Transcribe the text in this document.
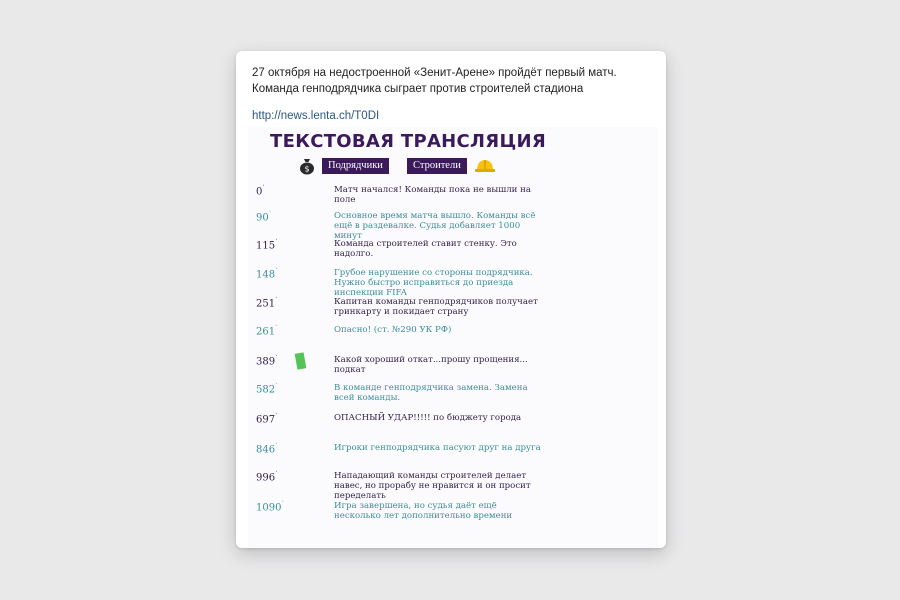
27 октября на недостроенной «Зенит-Арене» пройдёт первый матч. Команда генподрядчика сыграет против строителей стадиона
http://news.lenta.ch/T0DI
ТЕКСТОВАЯ ТРАНСЛЯЦИЯ
$	Подрядчики	Строители
0`	Матч начался! Команды пока не вышли на поле
90`	Основное время матча вышло. Команды всё ещё в раздевалке. Судья добавляет 1000 минут
115`	Команда строителей ставит стенку. Это надолго.
148`	Грубое нарушение со стороны подрядчика. Нужно быстро исправиться до приезда инспекции FIFA
251`	Капитан команды генподрядчиков получает гринкарту и покидает страну
261`	Опасно! (ст. №290 УК РФ)
389`	Какой хороший откат...прошу прощения... подкат
582`	В команде генподрядчика замена. Замена всей команды.
697`	ОПАСНЫЙ УДАР!!!!! по бюджету города
846`	Игроки генподрядчика пасуют друг на друга
996`	Нападающий команды строителей делает навес, но прорабу не нравится и он просит переделать
1090`	Игра завершена, но судья даёт ещё несколько лет дополнительно времени
